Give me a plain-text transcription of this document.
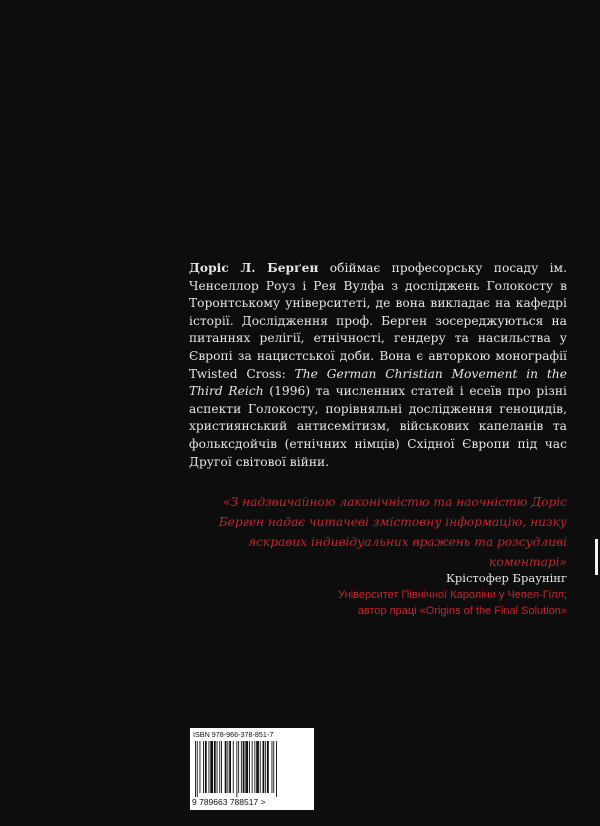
Доріс Л. Берґен обіймає професорську посаду ім. Ченселлор Роуз і Рея Вулфа з досліджень Голокосту в Торонтському університеті, де вона викладає на кафедрі історії. Дослідження проф. Берген зосереджуються на питаннях релігії, етнічності, гендеру та насильства у Європі за нацистської доби. Вона є авторкою монографії Twisted Cross: The German Christian Movement in the Third Reich (1996) та численних статей і есеїв про різні аспекти Голокосту, порівняльні дослідження геноцидів, християнський антисемітизм, військових капеланів та фолькcдойчів (етнічних німців) Східної Європи під час Другої світової війни.

«З надзвичайною лаконічністю та наочністю Доріс Берген надає читачеві змістовну інформацію, низку яскравих індивідуальних вражень та розсудливі коментарі»

Крістофер Браунінг

Університет Північної Кароліни у Чепел-Гілл;
автор праці «Origins of the Final Solution»

ISBN 978-966-378-851-7
9 789663 788517 >
